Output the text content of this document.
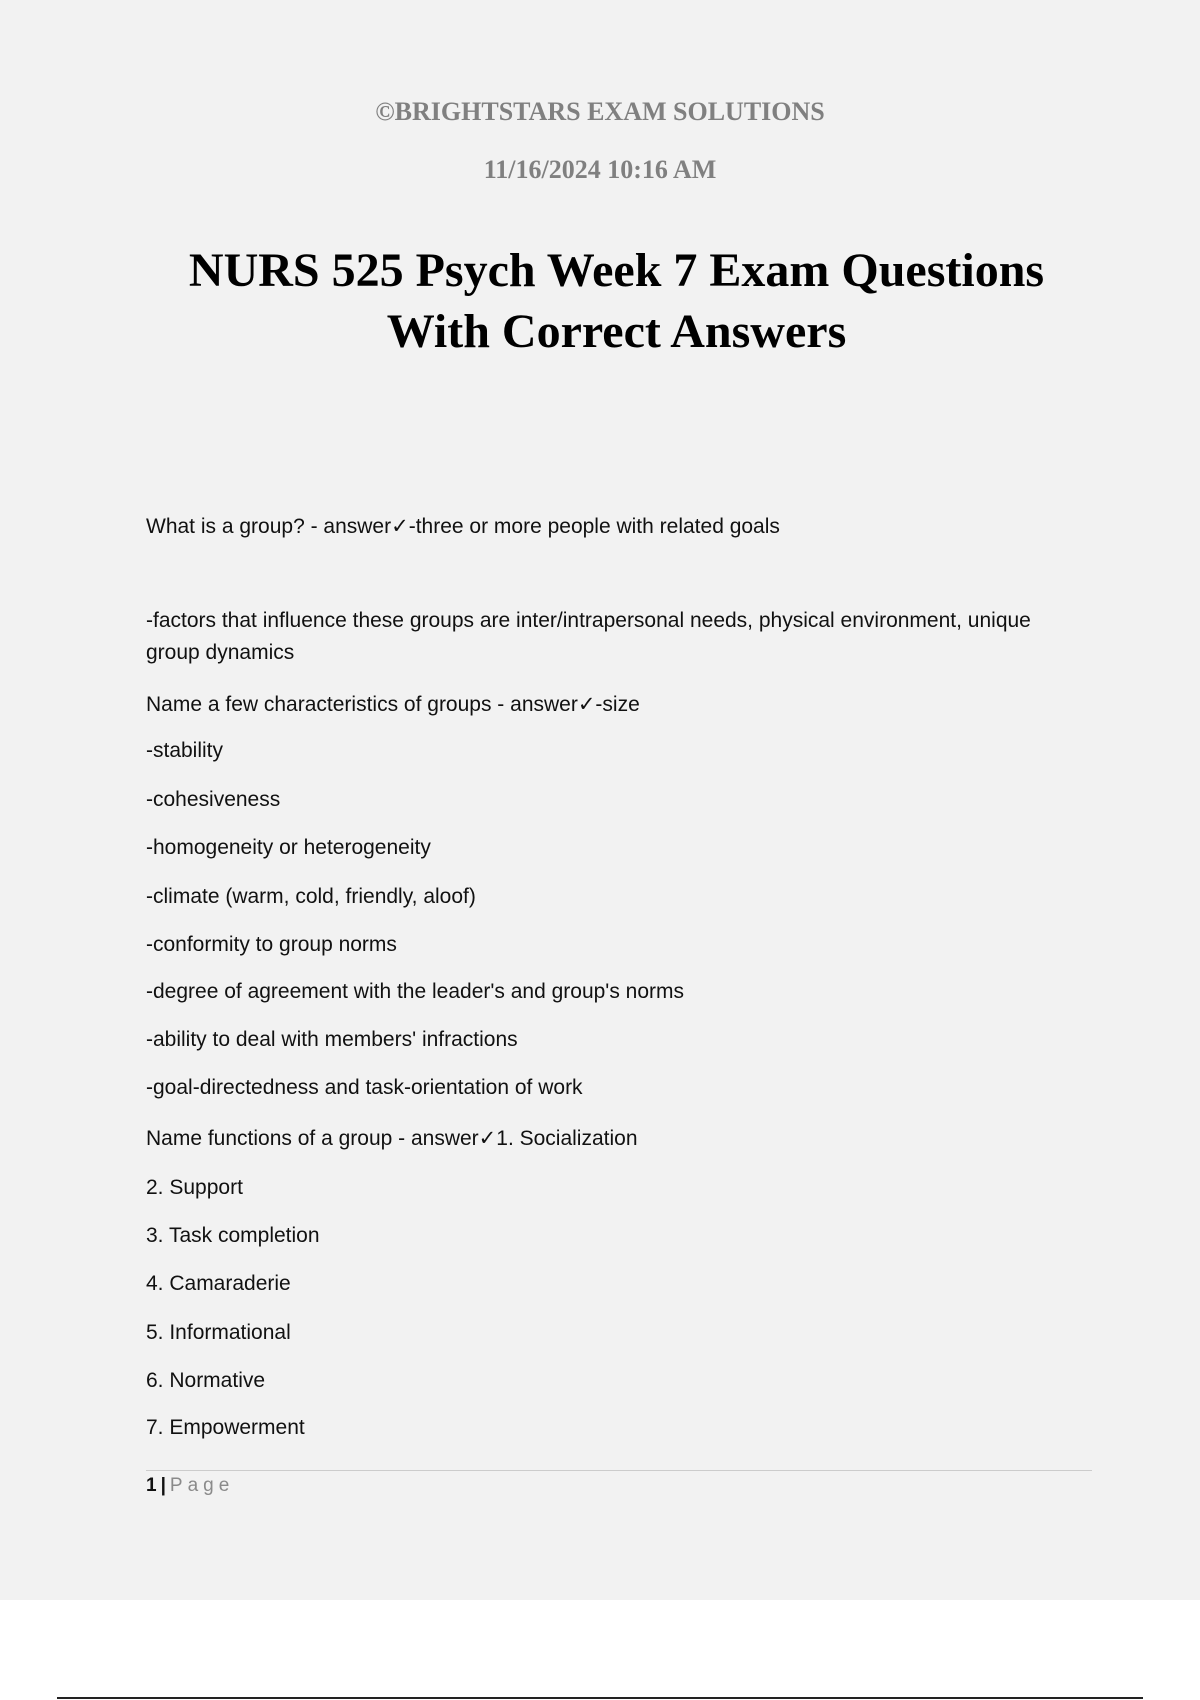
©BRIGHTSTARS EXAM SOLUTIONS
11/16/2024 10:16 AM
NURS 525 Psych Week 7 Exam Questions
With Correct Answers
What is a group? - answer✓-three or more people with related goals
-factors that influence these groups are inter/intrapersonal needs, physical environment, unique group dynamics
Name a few characteristics of groups - answer✓-size
-stability
-cohesiveness
-homogeneity or heterogeneity
-climate (warm, cold, friendly, aloof)
-conformity to group norms
-degree of agreement with the leader's and group's norms
-ability to deal with members' infractions
-goal-directedness and task-orientation of work
Name functions of a group - answer✓1. Socialization
2. Support
3. Task completion
4. Camaraderie
5. Informational
6. Normative
7. Empowerment
1 | Page
